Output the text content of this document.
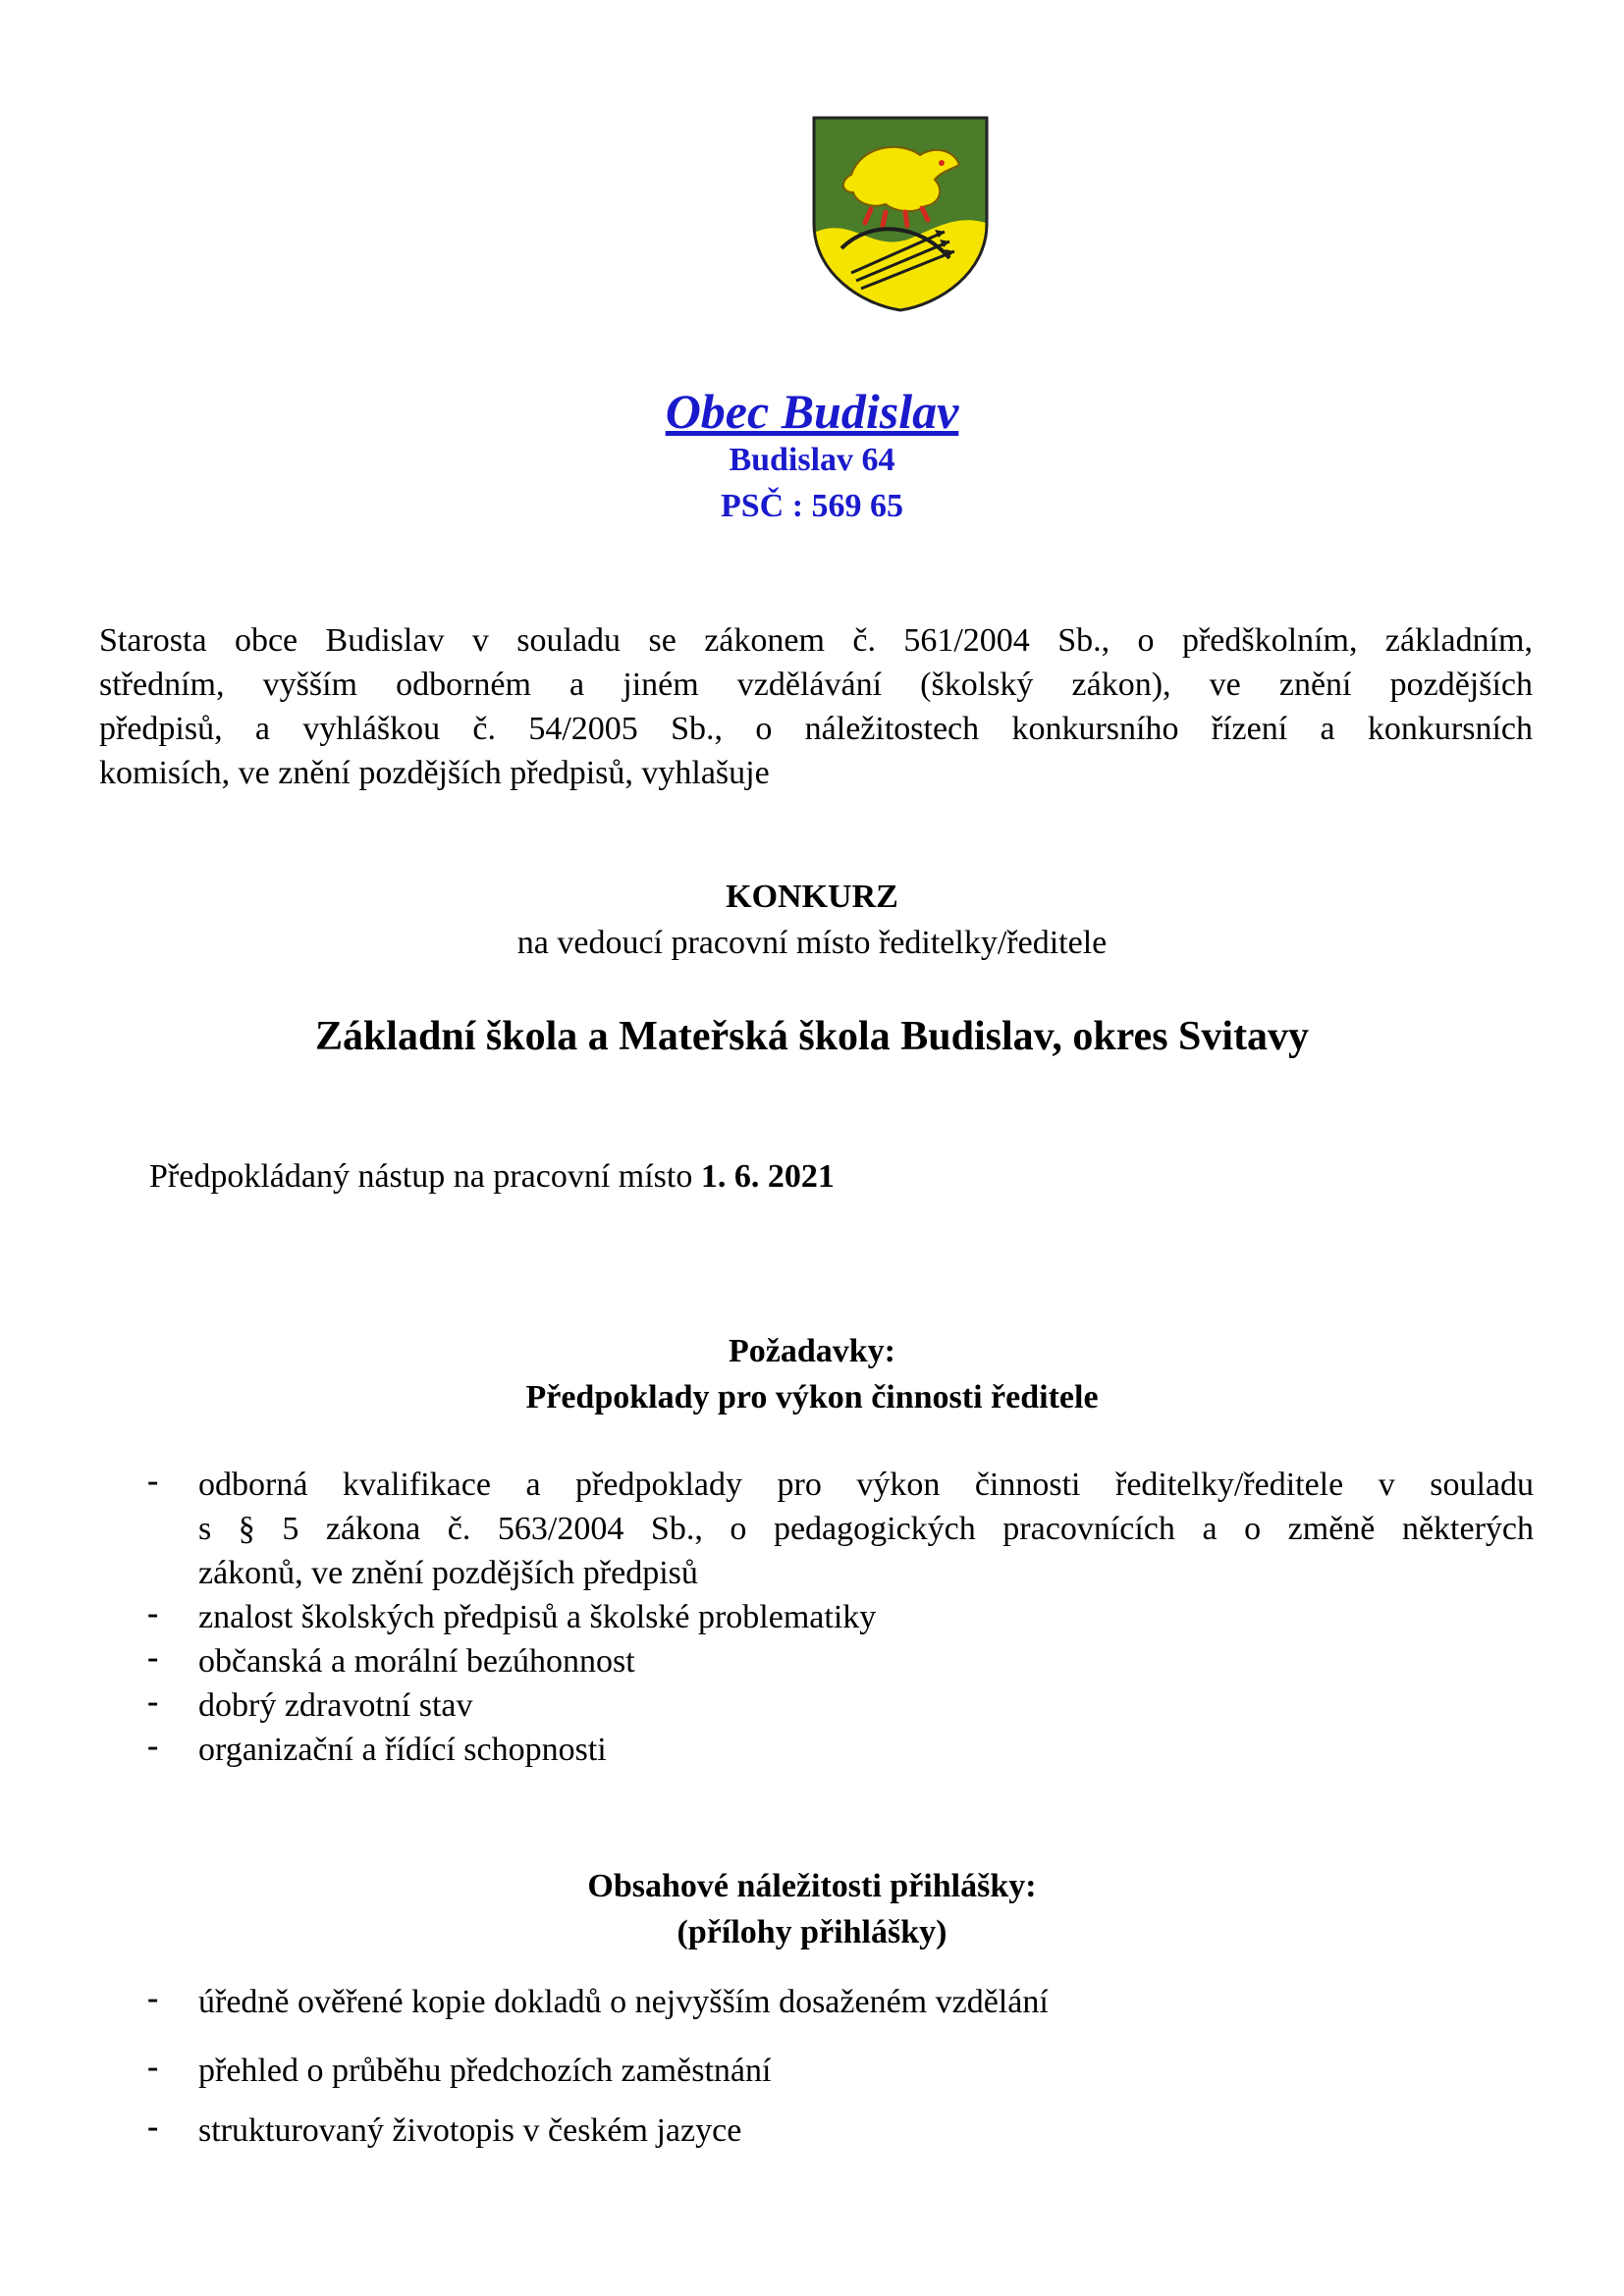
Obec Budislav
Budislav 64
PSČ : 569 65
Starosta obce Budislav v souladu se zákonem č. 561/2004 Sb., o předškolním, základním,
středním, vyšším odborném a jiném vzdělávání (školský zákon), ve znění pozdějších
předpisů, a vyhláškou č. 54/2005 Sb., o náležitostech konkursního řízení a konkursních
komisích, ve znění pozdějších předpisů, vyhlašuje
KONKURZ
na vedoucí pracovní místo ředitelky/ředitele
Základní škola a Mateřská škola Budislav, okres Svitavy
Předpokládaný nástup na pracovní místo 1. 6. 2021
Požadavky:
Předpoklady pro výkon činnosti ředitele
- odborná kvalifikace a předpoklady pro výkon činnosti ředitelky/ředitele v souladu
s § 5 zákona č. 563/2004 Sb., o pedagogických pracovnících a o změně některých
zákonů, ve znění pozdějších předpisů
- znalost školských předpisů a školské problematiky
- občanská a morální bezúhonnost
- dobrý zdravotní stav
- organizační a řídící schopnosti
Obsahové náležitosti přihlášky:
(přílohy přihlášky)
- úředně ověřené kopie dokladů o nejvyšším dosaženém vzdělání
- přehled o průběhu předchozích zaměstnání
- strukturovaný životopis v českém jazyce
